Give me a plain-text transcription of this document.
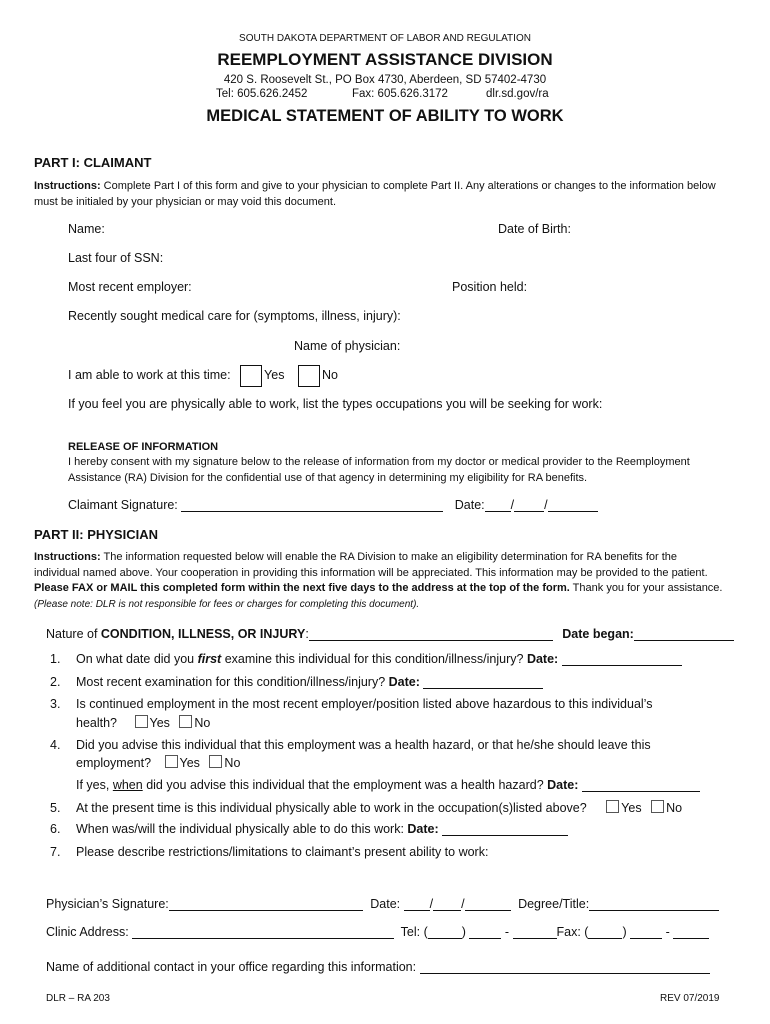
SOUTH DAKOTA DEPARTMENT OF LABOR AND REGULATION
REEMPLOYMENT ASSISTANCE DIVISION
420 S. Roosevelt St., PO Box 4730, Aberdeen, SD 57402-4730
Tel: 605.626.2452	Fax: 605.626.3172	dlr.sd.gov/ra
MEDICAL STATEMENT OF ABILITY TO WORK
PART I: CLAIMANT
Instructions: Complete Part I of this form and give to your physician to complete Part II. Any alterations or changes to the information below must be initialed by your physician or may void this document.
Name:	Date of Birth:
Last four of SSN:
Most recent employer:	Position held:
Recently sought medical care for (symptoms, illness, injury):
Name of physician:
I am able to work at this time:	Yes	No
If you feel you are physically able to work, list the types occupations you will be seeking for work:
RELEASE OF INFORMATION
I hereby consent with my signature below to the release of information from my doctor or medical provider to the Reemployment Assistance (RA) Division for the confidential use of that agency in determining my eligibility for RA benefits.
Claimant Signature:	Date: / /
PART II: PHYSICIAN
Instructions: The information requested below will enable the RA Division to make an eligibility determination for RA benefits for the individual named above. Your cooperation in providing this information will be appreciated. This information may be provided to the patient. Please FAX or MAIL this completed form within the next five days to the address at the top of the form. Thank you for your assistance. (Please note: DLR is not responsible for fees or charges for completing this document).
Nature of CONDITION, ILLNESS, OR INJURY:	Date began:
1. On what date did you first examine this individual for this condition/illness/injury? Date:
2. Most recent examination for this condition/illness/injury? Date:
3. Is continued employment in the most recent employer/position listed above hazardous to this individual’s
health?	Yes No
4. Did you advise this individual that this employment was a health hazard, or that he/she should leave this
employment? Yes No
If yes, when did you advise this individual that the employment was a health hazard? Date:
5. At the present time is this individual physically able to work in the occupation(s)listed above?	Yes No
6. When was/will the individual physically able to do this work: Date:
7. Please describe restrictions/limitations to claimant’s present ability to work:
Physician’s Signature:	Date: / /	Degree/Title:
Clinic Address:	Tel: (	)	-	Fax: (	)	-
Name of additional contact in your office regarding this information:
DLR – RA 203	REV 07/2019
